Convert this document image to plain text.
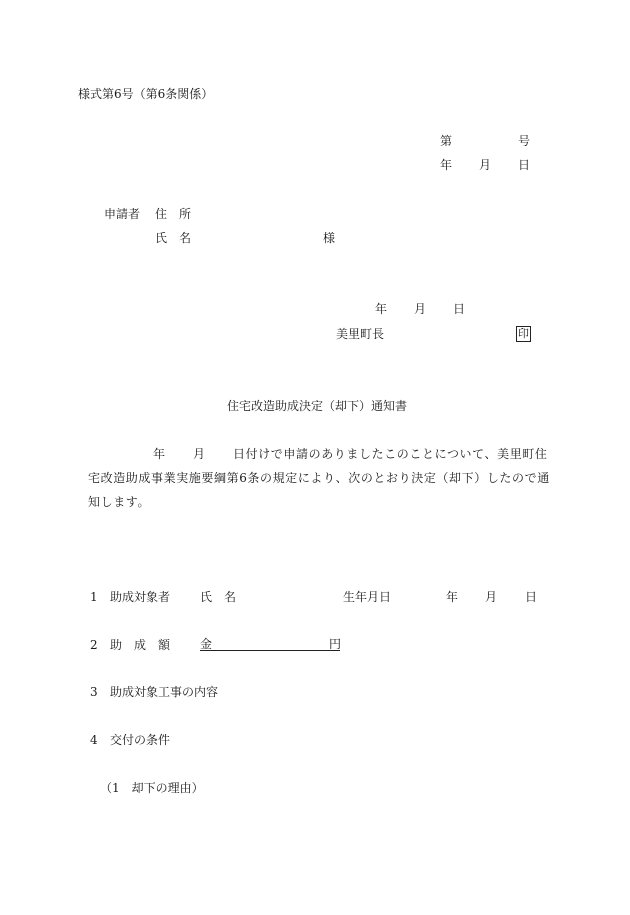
様式第6号（第6条関係）
第	号
年 月 日
申請者 住　所
氏　名	様
年 月 日
美里町長	印
住宅改造助成決定（却下）通知書
年 月 日付けで申請のありましたこのことについて、美里町住
宅改造助成事業実施要綱第6条の規定により、次のとおり決定（却下）したので通
知します。
1 助成対象者 氏　名	生年月日	年 月 日
2 助　成　額 金	円
3 助成対象工事の内容
4 交付の条件
（1　却下の理由）
